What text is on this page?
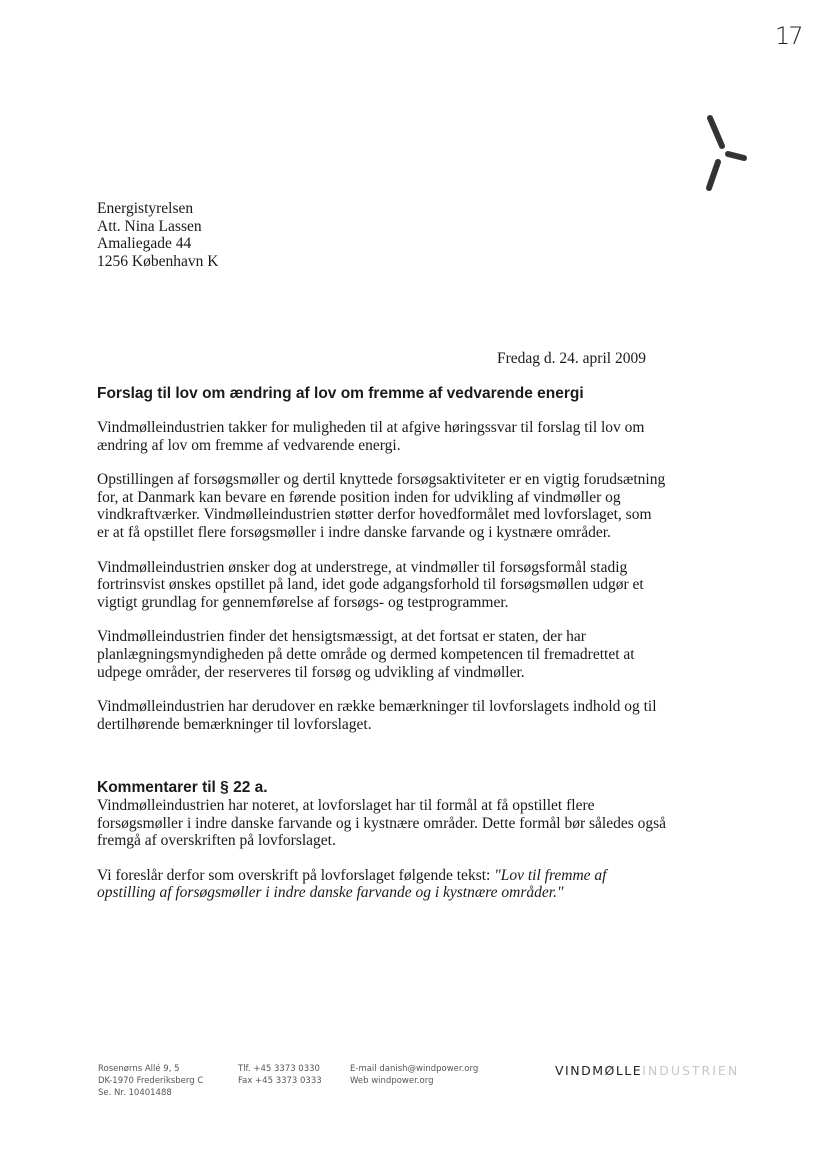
17
Energistyrelsen
Att. Nina Lassen
Amaliegade 44
1256 København K
Fredag d. 24. april 2009
Forslag til lov om ændring af lov om fremme af vedvarende energi

Vindmølleindustrien takker for muligheden til at afgive høringssvar til forslag til lov om ændring af lov om fremme af vedvarende energi.

Opstillingen af forsøgsmøller og dertil knyttede forsøgsaktiviteter er en vigtig forudsætning for, at Danmark kan bevare en førende position inden for udvikling af vindmøller og vindkraftværker. Vindmølleindustrien støtter derfor hovedformålet med lovforslaget, som er at få opstillet flere forsøgsmøller i indre danske farvande og i kystnære områder.

Vindmølleindustrien ønsker dog at understrege, at vindmøller til forsøgsformål stadig fortrinsvist ønskes opstillet på land, idet gode adgangsforhold til forsøgsmøllen udgør et vigtigt grundlag for gennemførelse af forsøgs- og testprogrammer.

Vindmølleindustrien finder det hensigtsmæssigt, at det fortsat er staten, der har planlægningsmyndigheden på dette område og dermed kompetencen til fremadrettet at udpege områder, der reserveres til forsøg og udvikling af vindmøller.

Vindmølleindustrien har derudover en række bemærkninger til lovforslagets indhold og til dertilhørende bemærkninger til lovforslaget.

Kommentarer til § 22 a.

Vindmølleindustrien har noteret, at lovforslaget har til formål at få opstillet flere forsøgsmøller i indre danske farvande og i kystnære områder. Dette formål bør således også fremgå af overskriften på lovforslaget.

Vi foreslår derfor som overskrift på lovforslaget følgende tekst: "Lov til fremme af opstilling af forsøgsmøller i indre danske farvande og i kystnære områder."

Rosenørns Allé 9, 5
DK-1970 Frederiksberg C
Se. Nr. 10401488
Tlf. +45 3373 0330
Fax +45 3373 0333
E-mail danish@windpower.org
Web windpower.org
VINDMØLLEINDUSTRIEN
